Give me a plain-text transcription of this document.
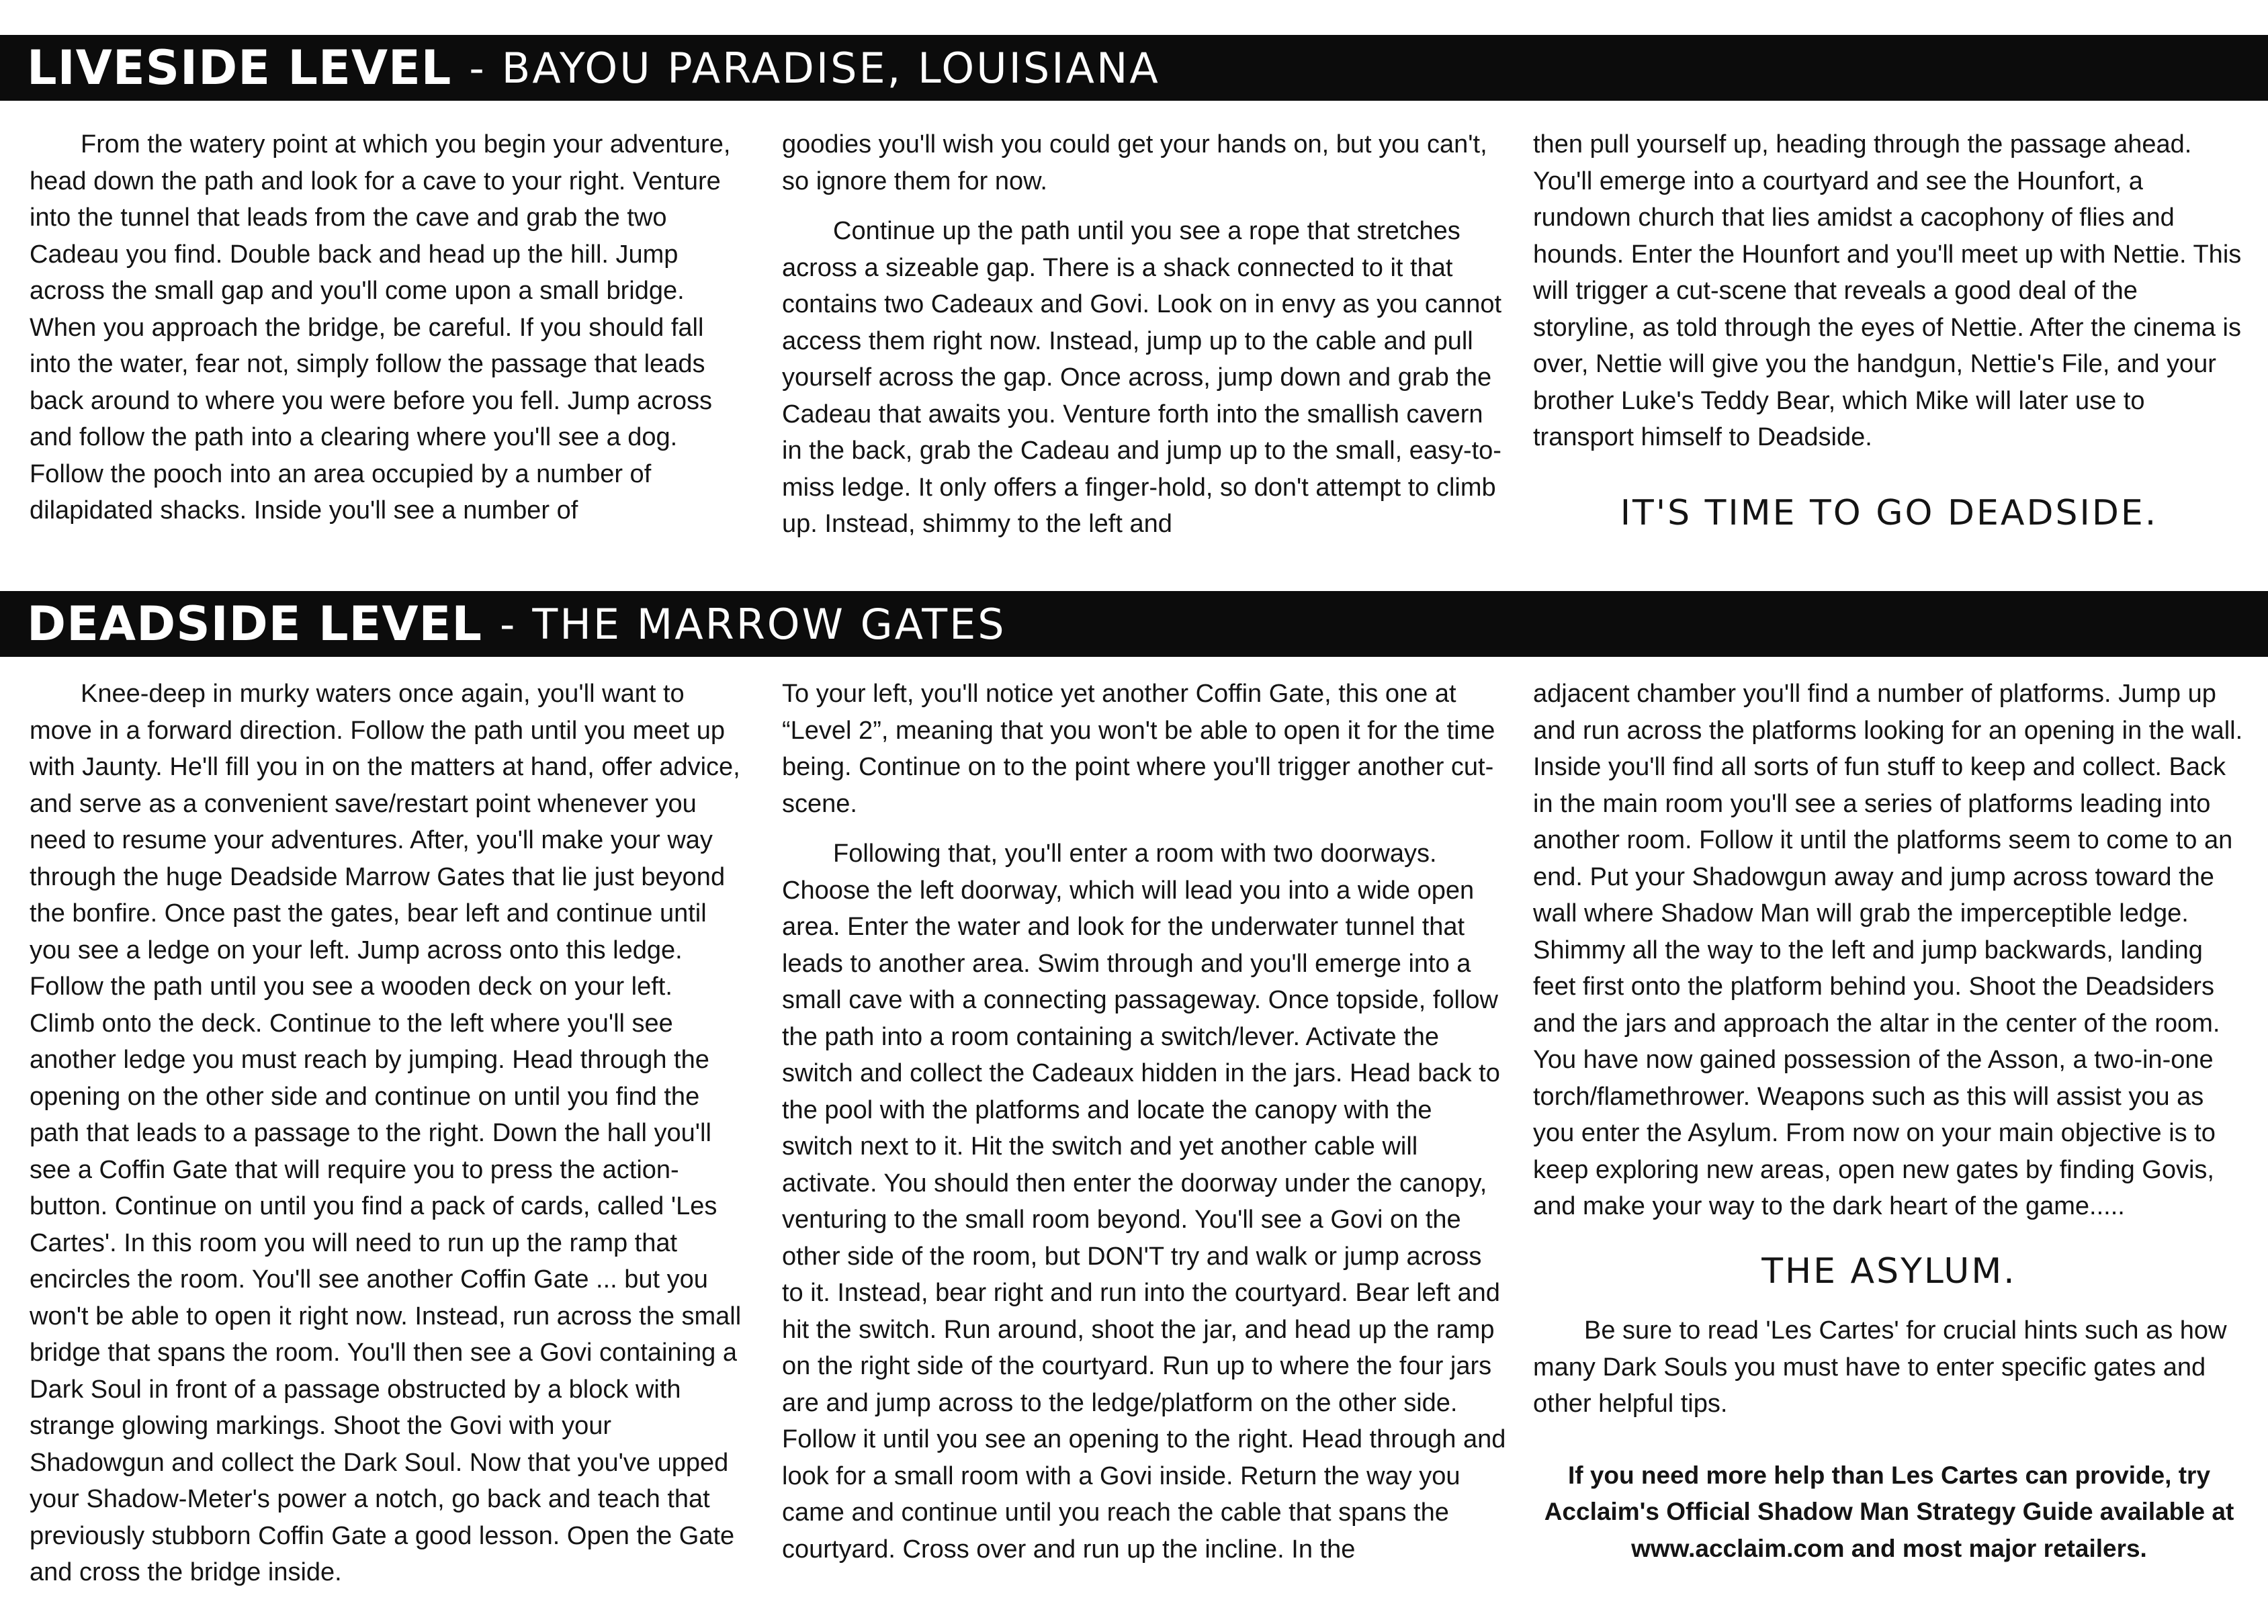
LIVESIDE LEVEL - BAYOU PARADISE, LOUISIANA

From the watery point at which you begin your adventure, head down the path and look for a cave to your right. Venture into the tunnel that leads from the cave and grab the two Cadeau you find. Double back and head up the hill. Jump across the small gap and you'll come upon a small bridge. When you approach the bridge, be careful. If you should fall into the water, fear not, simply follow the passage that leads back around to where you were before you fell. Jump across and follow the path into a clearing where you'll see a dog. Follow the pooch into an area occupied by a number of dilapidated shacks. Inside you'll see a number of

goodies you'll wish you could get your hands on, but you can't, so ignore them for now.

Continue up the path until you see a rope that stretches across a sizeable gap. There is a shack connected to it that contains two Cadeaux and Govi. Look on in envy as you cannot access them right now. Instead, jump up to the cable and pull yourself across the gap. Once across, jump down and grab the Cadeau that awaits you. Venture forth into the smallish cavern in the back, grab the Cadeau and jump up to the small, easy-to-miss ledge. It only offers a finger-hold, so don't attempt to climb up. Instead, shimmy to the left and

then pull yourself up, heading through the passage ahead. You'll emerge into a courtyard and see the Hounfort, a rundown church that lies amidst a cacophony of flies and hounds. Enter the Hounfort and you'll meet up with Nettie. This will trigger a cut-scene that reveals a good deal of the storyline, as told through the eyes of Nettie. After the cinema is over, Nettie will give you the handgun, Nettie's File, and your brother Luke's Teddy Bear, which Mike will later use to transport himself to Deadside.

IT'S TIME TO GO DEADSIDE.
DEADSIDE LEVEL - THE MARROW GATES

Knee-deep in murky waters once again, you'll want to move in a forward direction. Follow the path until you meet up with Jaunty. He'll fill you in on the matters at hand, offer advice, and serve as a convenient save/restart point whenever you need to resume your adventures. After, you'll make your way through the huge Deadside Marrow Gates that lie just beyond the bonfire. Once past the gates, bear left and continue until you see a ledge on your left. Jump across onto this ledge. Follow the path until you see a wooden deck on your left. Climb onto the deck. Continue to the left where you'll see another ledge you must reach by jumping. Head through the opening on the other side and continue on until you find the path that leads to a passage to the right. Down the hall you'll see a Coffin Gate that will require you to press the action-button. Continue on until you find a pack of cards, called 'Les Cartes'. In this room you will need to run up the ramp that encircles the room. You'll see another Coffin Gate ... but you won't be able to open it right now. Instead, run across the small bridge that spans the room. You'll then see a Govi containing a Dark Soul in front of a passage obstructed by a block with strange glowing markings. Shoot the Govi with your Shadowgun and collect the Dark Soul. Now that you've upped your Shadow-Meter's power a notch, go back and teach that previously stubborn Coffin Gate a good lesson. Open the Gate and cross the bridge inside.

To your left, you'll notice yet another Coffin Gate, this one at “Level 2”, meaning that you won't be able to open it for the time being. Continue on to the point where you'll trigger another cut-scene.

Following that, you'll enter a room with two doorways. Choose the left doorway, which will lead you into a wide open area. Enter the water and look for the underwater tunnel that leads to another area. Swim through and you'll emerge into a small cave with a connecting passageway. Once topside, follow the path into a room containing a switch/lever. Activate the switch and collect the Cadeaux hidden in the jars. Head back to the pool with the platforms and locate the canopy with the switch next to it. Hit the switch and yet another cable will activate. You should then enter the doorway under the canopy, venturing to the small room beyond. You'll see a Govi on the other side of the room, but DON'T try and walk or jump across to it. Instead, bear right and run into the courtyard. Bear left and hit the switch. Run around, shoot the jar, and head up the ramp on the right side of the courtyard. Run up to where the four jars are and jump across to the ledge/platform on the other side. Follow it until you see an opening to the right. Head through and look for a small room with a Govi inside. Return the way you came and continue until you reach the cable that spans the courtyard. Cross over and run up the incline. In the

adjacent chamber you'll find a number of platforms. Jump up and run across the platforms looking for an opening in the wall. Inside you'll find all sorts of fun stuff to keep and collect. Back in the main room you'll see a series of platforms leading into another room. Follow it until the platforms seem to come to an end. Put your Shadowgun away and jump across toward the wall where Shadow Man will grab the imperceptible ledge. Shimmy all the way to the left and jump backwards, landing feet first onto the platform behind you. Shoot the Deadsiders and the jars and approach the altar in the center of the room. You have now gained possession of the Asson, a two-in-one torch/flamethrower. Weapons such as this will assist you as you enter the Asylum. From now on your main objective is to keep exploring new areas, open new gates by finding Govis, and make your way to the dark heart of the game.....

THE ASYLUM.

Be sure to read 'Les Cartes' for crucial hints such as how many Dark Souls you must have to enter specific gates and other helpful tips.

If you need more help than Les Cartes can provide, try
Acclaim's Official Shadow Man Strategy Guide available at
www.acclaim.com and most major retailers.
